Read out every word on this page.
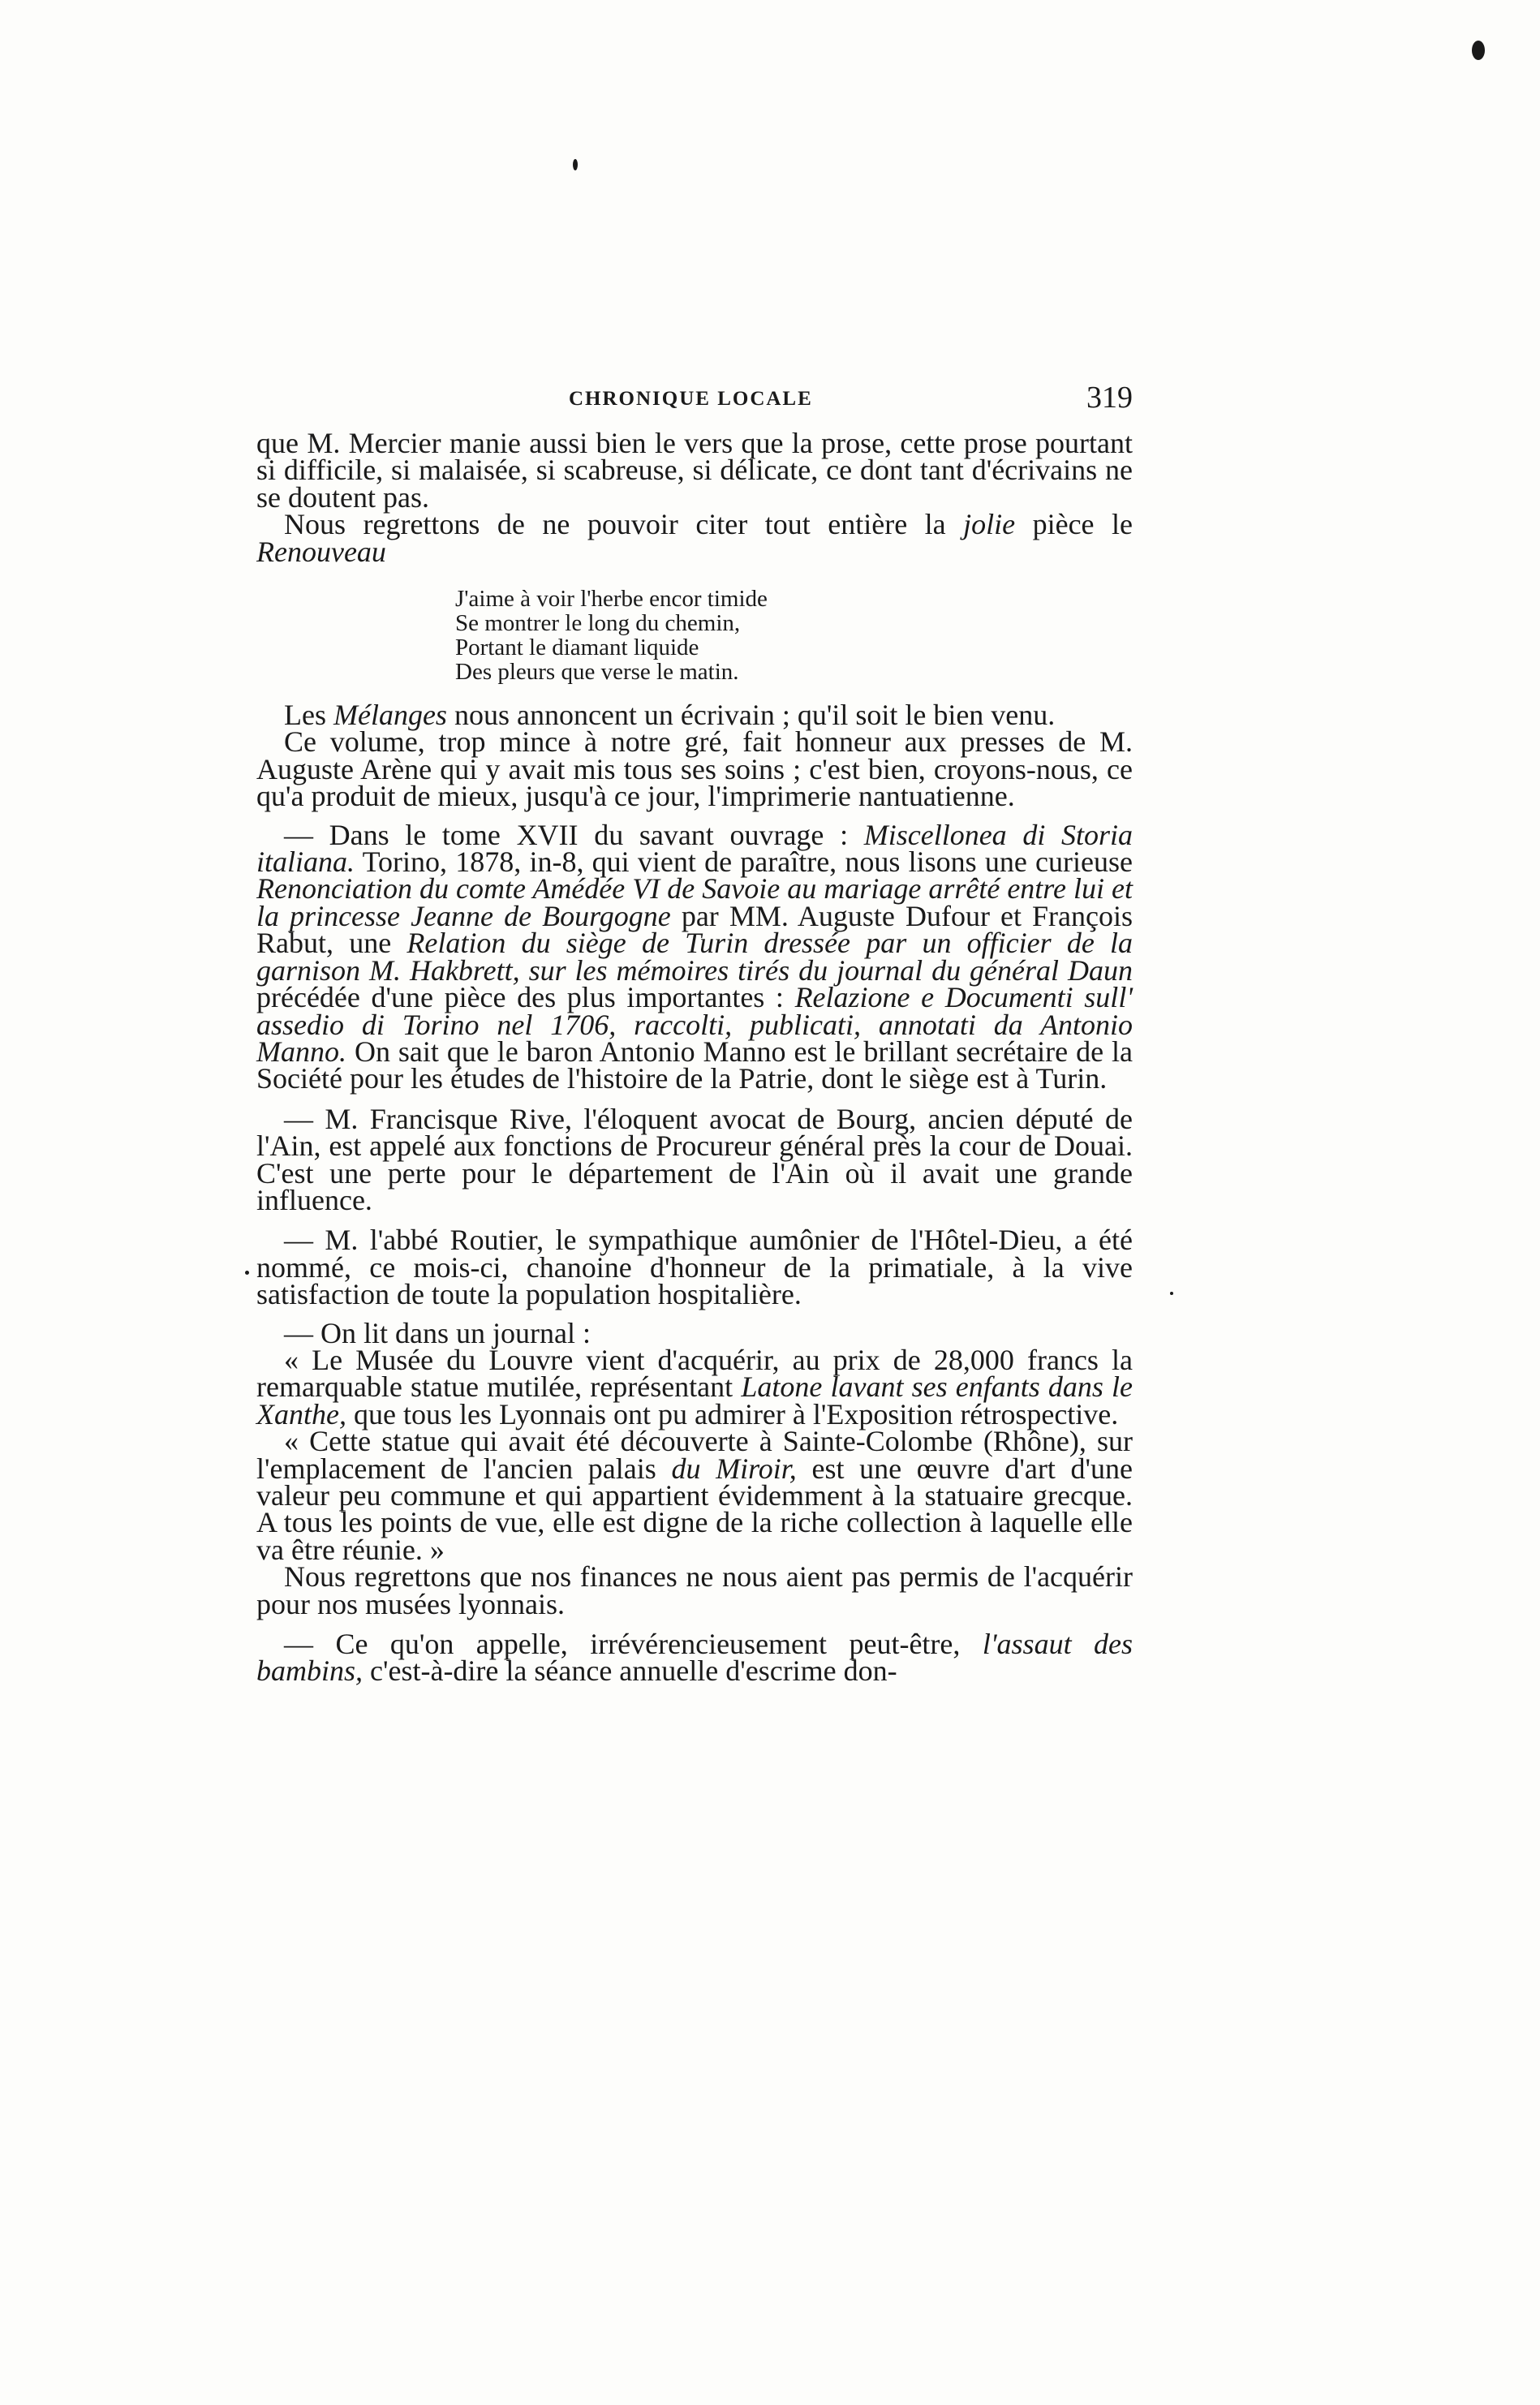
CHRONIQUE LOCALE	319

que M. Mercier manie aussi bien le vers que la prose, cette prose pourtant si difficile, si malaisée, si scabreuse, si délicate, ce dont tant d'écrivains ne se doutent pas.

Nous regrettons de ne pouvoir citer tout entière la jolie pièce le Renouveau

J'aime à voir l'herbe encor timide
Se montrer le long du chemin,
Portant le diamant liquide
Des pleurs que verse le matin.

Les Mélanges nous annoncent un écrivain ; qu'il soit le bien venu.

Ce volume, trop mince à notre gré, fait honneur aux presses de M. Auguste Arène qui y avait mis tous ses soins ; c'est bien, croyons-nous, ce qu'a produit de mieux, jusqu'à ce jour, l'imprimerie nantuatienne.

— Dans le tome XVII du savant ouvrage : Miscellonea di Storia italiana. Torino, 1878, in-8, qui vient de paraître, nous lisons une curieuse Renonciation du comte Amédée VI de Savoie au mariage arrêté entre lui et la princesse Jeanne de Bourgogne par MM. Auguste Dufour et François Rabut, une Relation du siège de Turin dressée par un officier de la garnison M. Hakbrett, sur les mémoires tirés du journal du général Daun précédée d'une pièce des plus importantes : Relazione e Documenti sull' assedio di Torino nel 1706, raccolti, publicati, annotati da Antonio Manno. On sait que le baron Antonio Manno est le brillant secrétaire de la Société pour les études de l'histoire de la Patrie, dont le siège est à Turin.

— M. Francisque Rive, l'éloquent avocat de Bourg, ancien député de l'Ain, est appelé aux fonctions de Procureur général près la cour de Douai. C'est une perte pour le département de l'Ain où il avait une grande influence.

— M. l'abbé Routier, le sympathique aumônier de l'Hôtel-Dieu, a été nommé, ce mois-ci, chanoine d'honneur de la primatiale, à la vive satisfaction de toute la population hospitalière.

— On lit dans un journal :

« Le Musée du Louvre vient d'acquérir, au prix de 28,000 francs la remarquable statue mutilée, représentant Latone lavant ses enfants dans le Xanthe, que tous les Lyonnais ont pu admirer à l'Exposition rétrospective.

« Cette statue qui avait été découverte à Sainte-Colombe (Rhône), sur l'emplacement de l'ancien palais du Miroir, est une œuvre d'art d'une valeur peu commune et qui appartient évidemment à la statuaire grecque. A tous les points de vue, elle est digne de la riche collection à laquelle elle va être réunie. »

Nous regrettons que nos finances ne nous aient pas permis de l'acquérir pour nos musées lyonnais.

— Ce qu'on appelle, irrévérencieusement peut-être, l'assaut des bambins, c'est-à-dire la séance annuelle d'escrime don-
